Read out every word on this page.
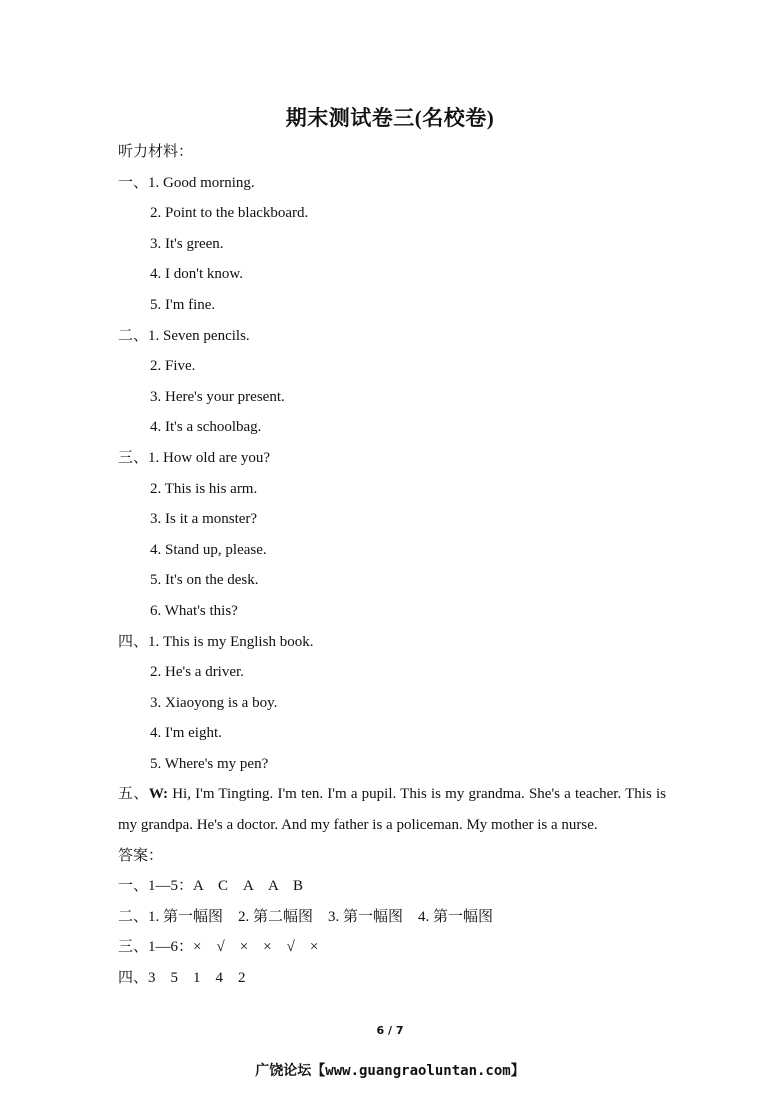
期末测试卷三(名校卷)
听力材料：
一、1. Good morning.
2. Point to the blackboard.
3. It's green.
4. I don't know.
5. I'm fine.
二、1. Seven pencils.
2. Five.
3. Here's your present.
4. It's a schoolbag.
三、1. How old are you?
2. This is his arm.
3. Is it a monster?
4. Stand up, please.
5. It's on the desk.
6. What's this?
四、1. This is my English book.
2. He's a driver.
3. Xiaoyong is a boy.
4. I'm eight.
5. Where's my pen?
五、W: Hi, I'm Tingting. I'm ten. I'm a pupil. This is my grandma. She's a teacher. This is my grandpa. He's a doctor. And my father is a policeman. My mother is a nurse.
答案：
一、1—5：A　C　A　A　B
二、1. 第一幅图　2. 第二幅图　3. 第一幅图　4. 第一幅图
三、1—6：×　√　×　×　√　×
四、3　5　1　4　2
6 / 7
广饶论坛【www.guangraoluntan.com】
